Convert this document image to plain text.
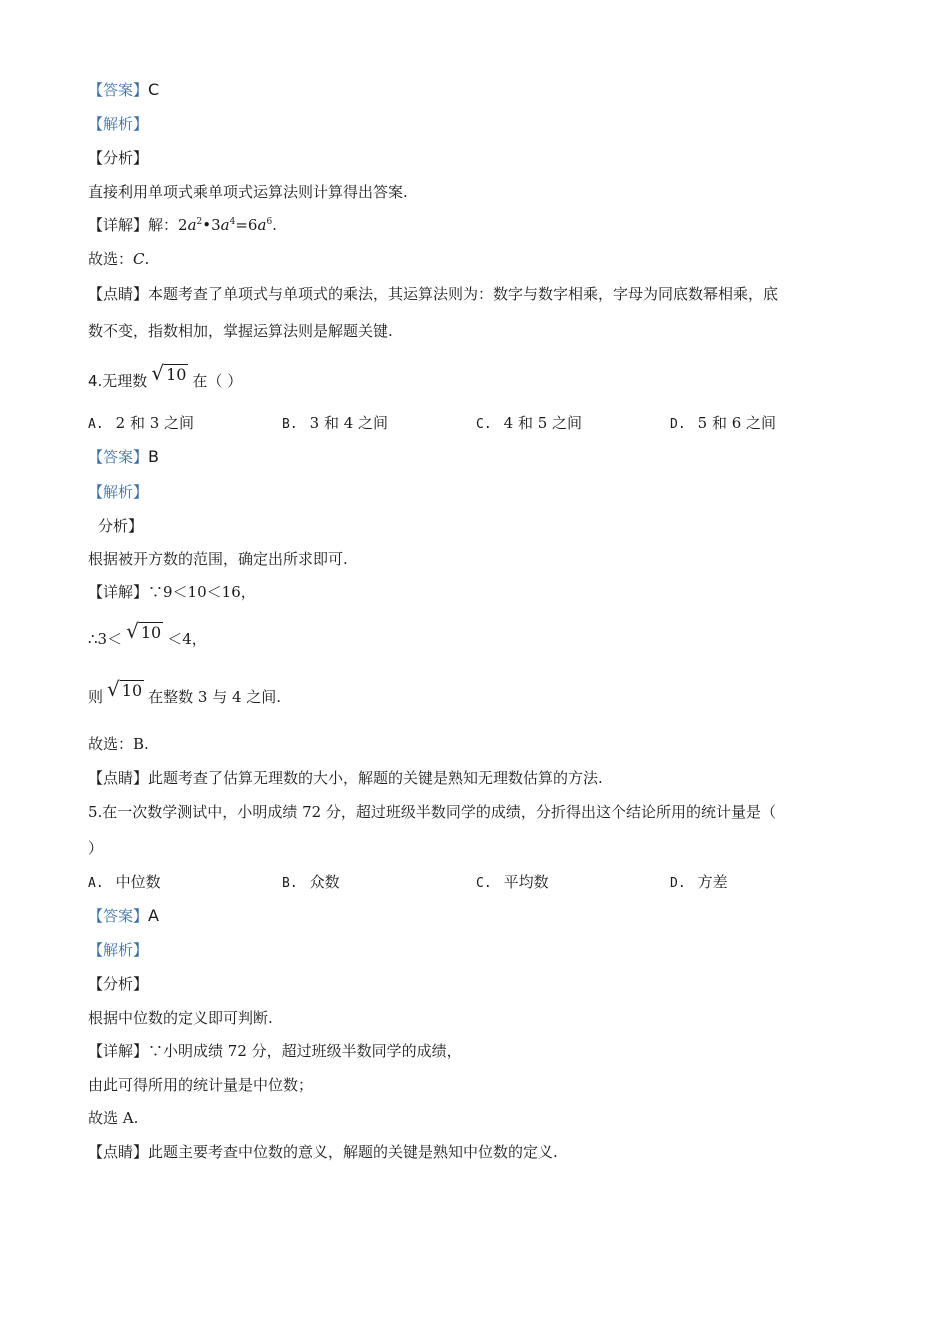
【答案】C
【解析】
【分析】
直接利用单项式乘单项式运算法则计算得出答案.
【详解】解：$2a^2•3a^4=6a^6$.
故选：C.
【点睛】本题考查了单项式与单项式的乘法，其运算法则为：数字与数字相乘，字母为同底数幂相乘，底
数不变，指数相加，掌握运算法则是解题关键.
4.无理数 √ 10 在（ ）
A. 2 和 3 之间	B. 3 和 4 之间	C. 4 和 5 之间	D. 5 和 6 之间
【答案】B
【解析】
分析】
根据被开方数的范围，确定出所求即可.
【详解】∵9＜10＜16，
∴3＜ √ 10 ＜4，
则 √ 10 在整数 3 与 4 之间.
故选：B.
【点睛】此题考查了估算无理数的大小，解题的关键是熟知无理数估算的方法.
5.在一次数学测试中，小明成绩 72 分，超过班级半数同学的成绩，分折得出这个结论所用的统计量是（
）
A. 中位数	B. 众数	C. 平均数	D. 方差
【答案】A
【解析】
【分析】
根据中位数的定义即可判断.
【详解】∵小明成绩 72 分，超过班级半数同学的成绩，
由此可得所用的统计量是中位数；
故选 A.
【点睛】此题主要考查中位数的意义，解题的关键是熟知中位数的定义.
